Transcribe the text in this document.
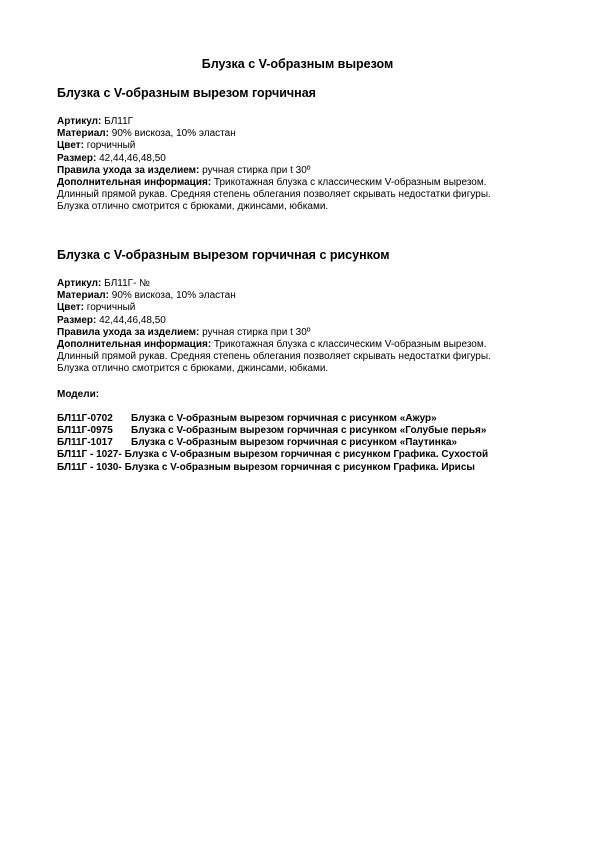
Блузка с V-образным вырезом
Блузка с V-образным вырезом горчичная
Артикул: БЛ11Г
Материал: 90% вискоза, 10% эластан
Цвет: горчичный
Размер: 42,44,46,48,50
Правила ухода за изделием: ручная стирка при t 30º
Дополнительная информация: Трикотажная блузка с классическим V-образным вырезом.
Длинный прямой рукав. Средняя степень облегания позволяет скрывать недостатки фигуры.
Блузка отлично смотрится с брюками, джинсами, юбками.
Блузка с V-образным вырезом горчичная с рисунком
Артикул: БЛ11Г- №
Материал: 90% вискоза, 10% эластан
Цвет: горчичный
Размер: 42,44,46,48,50
Правила ухода за изделием: ручная стирка при t 30º
Дополнительная информация: Трикотажная блузка с классическим V-образным вырезом.
Длинный прямой рукав. Средняя степень облегания позволяет скрывать недостатки фигуры.
Блузка отлично смотрится с брюками, джинсами, юбками.
Модели:
БЛ11Г-0702	Блузка с V-образным вырезом горчичная с рисунком «Ажур»
БЛ11Г-0975	Блузка с V-образным вырезом горчичная с рисунком «Голубые перья»
БЛ11Г-1017	Блузка с V-образным вырезом горчичная с рисунком «Паутинка»
БЛ11Г - 1027 - Блузка с V-образным вырезом горчичная с рисунком Графика. Сухостой
БЛ11Г - 1030 - Блузка с V-образным вырезом горчичная с рисунком Графика. Ирисы
